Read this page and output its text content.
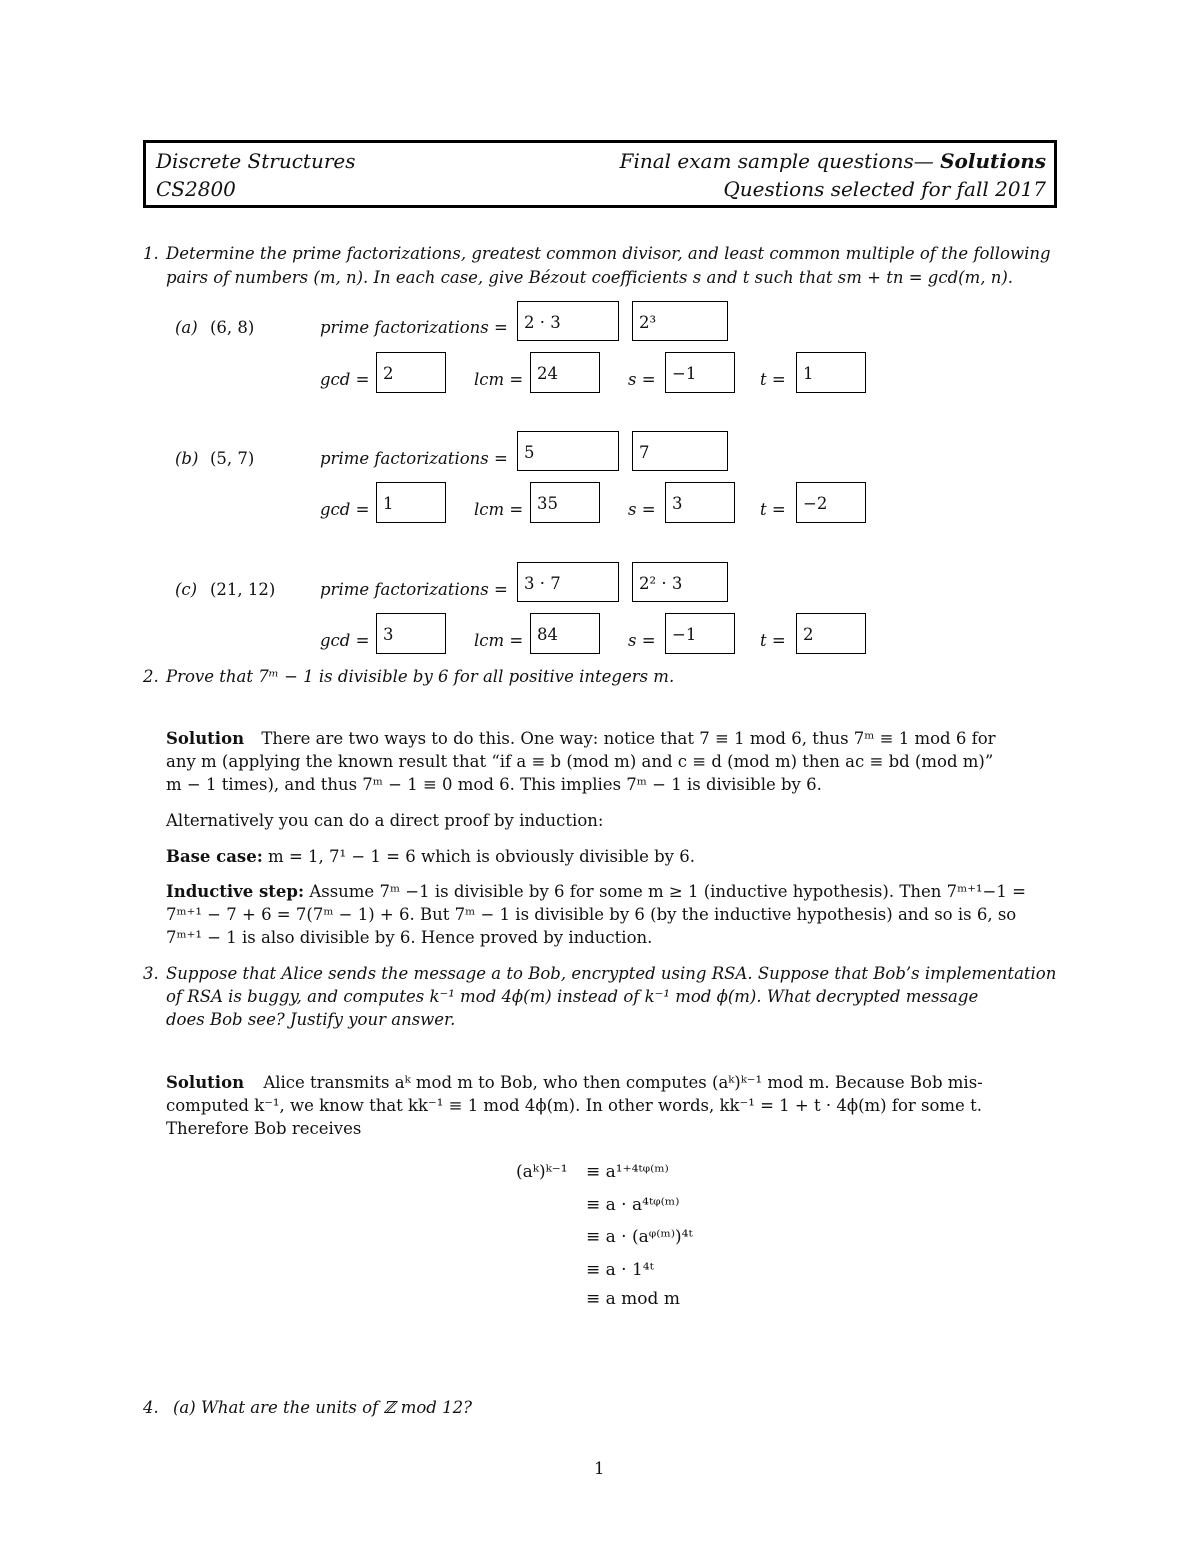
Discrete Structures	Final exam sample questions— Solutions
CS2800	Questions selected for fall 2017
1. Determine the prime factorizations, greatest common divisor, and least common multiple of the following
pairs of numbers (m, n). In each case, give Bézout coefficients s and t such that sm + tn = gcd(m, n).
(a) (6, 8)	prime factorizations = 2 · 3	2³
gcd = 2	lcm = 24	s = −1	t =	1
(b) (5, 7)	prime factorizations = 5	7
gcd = 1	lcm = 35	s = 3	t =	−2
(c) (21, 12)	prime factorizations = 3 · 7	2² · 3
gcd = 3	lcm = 84	s = −1	t =	2
2. Prove that 7ᵐ − 1 is divisible by 6 for all positive integers m.
Solution There are two ways to do this. One way: notice that 7 ≡ 1 mod 6, thus 7ᵐ ≡ 1 mod 6 for
any m (applying the known result that “if a ≡ b (mod m) and c ≡ d (mod m) then ac ≡ bd (mod m)”
m − 1 times), and thus 7ᵐ − 1 ≡ 0 mod 6. This implies 7ᵐ − 1 is divisible by 6.
Alternatively you can do a direct proof by induction:
Base case: m = 1, 7¹ − 1 = 6 which is obviously divisible by 6.
Inductive step: Assume 7ᵐ −1 is divisible by 6 for some m ≥ 1 (inductive hypothesis). Then 7ᵐ⁺¹−1 =
7ᵐ⁺¹ − 7 + 6 = 7(7ᵐ − 1) + 6. But 7ᵐ − 1 is divisible by 6 (by the inductive hypothesis) and so is 6, so
7ᵐ⁺¹ − 1 is also divisible by 6. Hence proved by induction.
3. Suppose that Alice sends the message a to Bob, encrypted using RSA. Suppose that Bob’s implementation
of RSA is buggy, and computes k⁻¹ mod 4ϕ(m) instead of k⁻¹ mod ϕ(m). What decrypted message
does Bob see? Justify your answer.
Solution Alice transmits aᵏ mod m to Bob, who then computes (aᵏ)ᵏ⁻¹ mod m. Because Bob mis-
computed k⁻¹, we know that kk⁻¹ ≡ 1 mod 4ϕ(m). In other words, kk⁻¹ = 1 + t · 4ϕ(m) for some t.
Therefore Bob receives
(aᵏ)ᵏ⁻¹ ≡ a¹⁺⁴ᵗᵠ⁽ᵐ⁾
≡ a · a⁴ᵗᵠ⁽ᵐ⁾
≡ a · (aᵠ⁽ᵐ⁾)⁴ᵗ
≡ a · 1⁴ᵗ
≡ a mod m
4. (a) What are the units of ℤ mod 12?
1
